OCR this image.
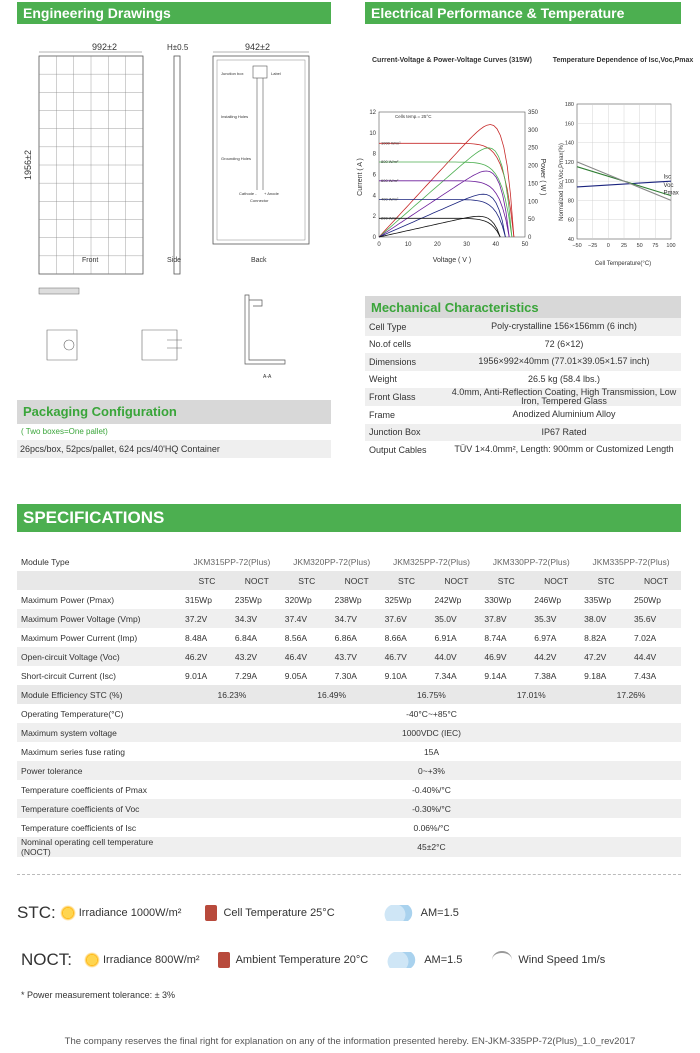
Engineering Drawings	Electrical Performance & Temperature Dependence
992±2
1956±2
Front
H±0.5
Side
942±2
Junction box	Label
Installing Holes
Grounding Holes
Cathode - + Anode
Connector
Back
A-A
Current-Voltage & Power-Voltage Curves (315W)
0	10	20	30	40	50
0
2
4
6
8
10
12
0
50
100
150
200
250
300
350
Cells temp.= 25°C
1000 W/m²
800 W/m²
600 W/m²
400 W/m²
200 W/m²
Voltage ( V )
Current ( A )	Power ( W )
Temperature Dependence of Isc,Voc,Pmax
−50 −25 0 25 50 75 100
40
60
80
100
120
140
160
180
Isc
Voc
Pmax
Cell Temperature(°C)
Normalized Isc,Voc,Pmax(%)
Mechanical Characteristics
Cell Type	Poly-crystalline 156×156mm (6 inch)
No.of cells	72 (6×12)
Dimensions	1956×992×40mm (77.01×39.05×1.57 inch)
Weight	26.5 kg (58.4 lbs.)
Front Glass	4.0mm, Anti-Reflection Coating, High Transmission, Low Iron, Tempered Glass
Frame	Anodized Aluminium Alloy
Junction Box	IP67 Rated
Output Cables	TÜV 1×4.0mm², Length: 900mm or Customized Length
Packaging Configuration
( Two boxes=One pallet)
26pcs/box, 52pcs/pallet, 624 pcs/40'HQ Container
SPECIFICATIONS
Module Type	JKM315PP-72(Plus)		JKM320PP-72(Plus)		JKM325PP-72(Plus)		JKM330PP-72(Plus)		JKM335PP-72(Plus)	
	STC	NOCT	STC	NOCT	STC	NOCT	STC	NOCT	STC	NOCT
Maximum Power (Pmax)	315Wp	235Wp	320Wp	238Wp	325Wp	242Wp	330Wp	246Wp	335Wp	250Wp
Maximum Power Voltage (Vmp)	37.2V	34.3V	37.4V	34.7V	37.6V	35.0V	37.8V	35.3V	38.0V	35.6V
Maximum Power Current (Imp)	8.48A	6.84A	8.56A	6.86A	8.66A	6.91A	8.74A	6.97A	8.82A	7.02A
Open-circuit Voltage (Voc)	46.2V	43.2V	46.4V	43.7V	46.7V	44.0V	46.9V	44.2V	47.2V	44.4V
Short-circuit Current (Isc)	9.01A	7.29A	9.05A	7.30A	9.10A	7.34A	9.14A	7.38A	9.18A	7.43A
Module Efficiency STC (%)	16.23%		16.49%		16.75%		17.01%		17.26%	
Operating Temperature(°C)	-40°C~+85°C									
Maximum system voltage	1000VDC (IEC)									
Maximum series fuse rating	15A									
Power tolerance	0~+3%									
Temperature coefficients of Pmax	-0.40%/°C									
Temperature coefficients of Voc	-0.30%/°C									
Temperature coefficients of Isc	0.06%/°C									
Nominal operating cell temperature (NOCT)	45±2°C									
STC: Irradiance 1000W/m²	Cell Temperature 25°C	AM=1.5
NOCT:	Irradiance 800W/m²	Ambient Temperature 20°C	AM=1.5	Wind Speed 1m/s
* Power measurement tolerance: ± 3%
The company reserves the final right for explanation on any of the information presented hereby. EN-JKM-335PP-72(Plus)_1.0_rev2017
